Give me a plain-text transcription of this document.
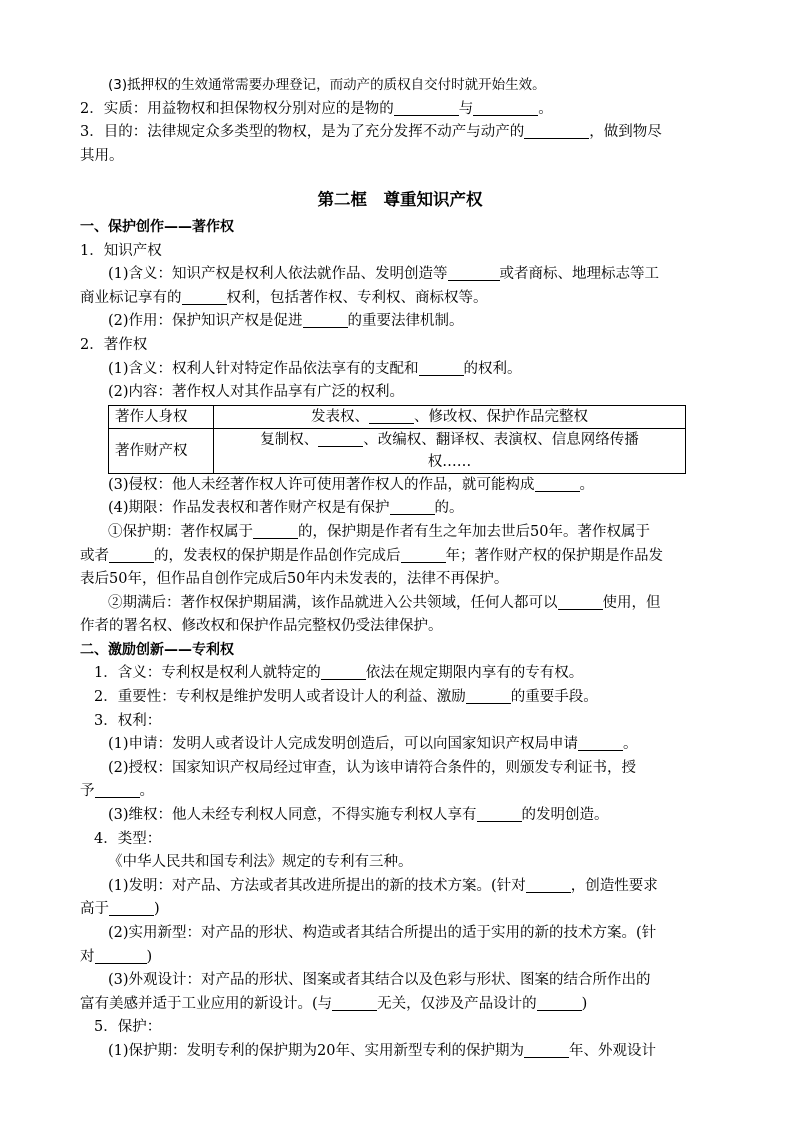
(3)抵押权的生效通常需要办理登记，而动产的质权自交付时就开始生效。
2．实质：用益物权和担保物权分别对应的是物的	与	。
3．目的：法律规定众多类型的物权，是为了充分发挥不动产与动产的	，做到物尽
其用。
第二框　尊重知识产权
一、保护创作——著作权
1．知识产权
(1)含义：知识产权是权利人依法就作品、发明创造等	或者商标、地理标志等工
商业标记享有的	权利，包括著作权、专利权、商标权等。
(2)作用：保护知识产权是促进	的重要法律机制。
2．著作权
(1)含义：权利人针对特定作品依法享有的支配和	的权利。
(2)内容：著作权人对其作品享有广泛的权利。
著作人身权	发表权、 、修改权、保护作品完整权
著作财产权	复制权、 、改编权、翻译权、表演权、信息网络传播
权……
(3)侵权：他人未经著作权人许可使用著作权人的作品，就可能构成	。
(4)期限：作品发表权和著作财产权是有保护	的。
①保护期：著作权属于	的，保护期是作者有生之年加去世后50年。著作权属于
或者	的，发表权的保护期是作品创作完成后	年；著作财产权的保护期是作品发
表后50年，但作品自创作完成后50年内未发表的，法律不再保护。
②期满后：著作权保护期届满，该作品就进入公共领域，任何人都可以	使用，但
作者的署名权、修改权和保护作品完整权仍受法律保护。
二、激励创新——专利权
1．含义：专利权是权利人就特定的	依法在规定期限内享有的专有权。
2．重要性：专利权是维护发明人或者设计人的利益、激励	的重要手段。
3．权利：
(1)申请：发明人或者设计人完成发明创造后，可以向国家知识产权局申请	。
(2)授权：国家知识产权局经过审查，认为该申请符合条件的，则颁发专利证书，授
予	。
(3)维权：他人未经专利权人同意，不得实施专利权人享有	的发明创造。
4．类型：
《中华人民共和国专利法》规定的专利有三种。
(1)发明：对产品、方法或者其改进所提出的新的技术方案。(针对	，创造性要求
高于	)
(2)实用新型：对产品的形状、构造或者其结合所提出的适于实用的新的技术方案。(针
对	)
(3)外观设计：对产品的形状、图案或者其结合以及色彩与形状、图案的结合所作出的
富有美感并适于工业应用的新设计。(与	无关，仅涉及产品设计的	)
5．保护：
(1)保护期：发明专利的保护期为20年、实用新型专利的保护期为	年、外观设计
